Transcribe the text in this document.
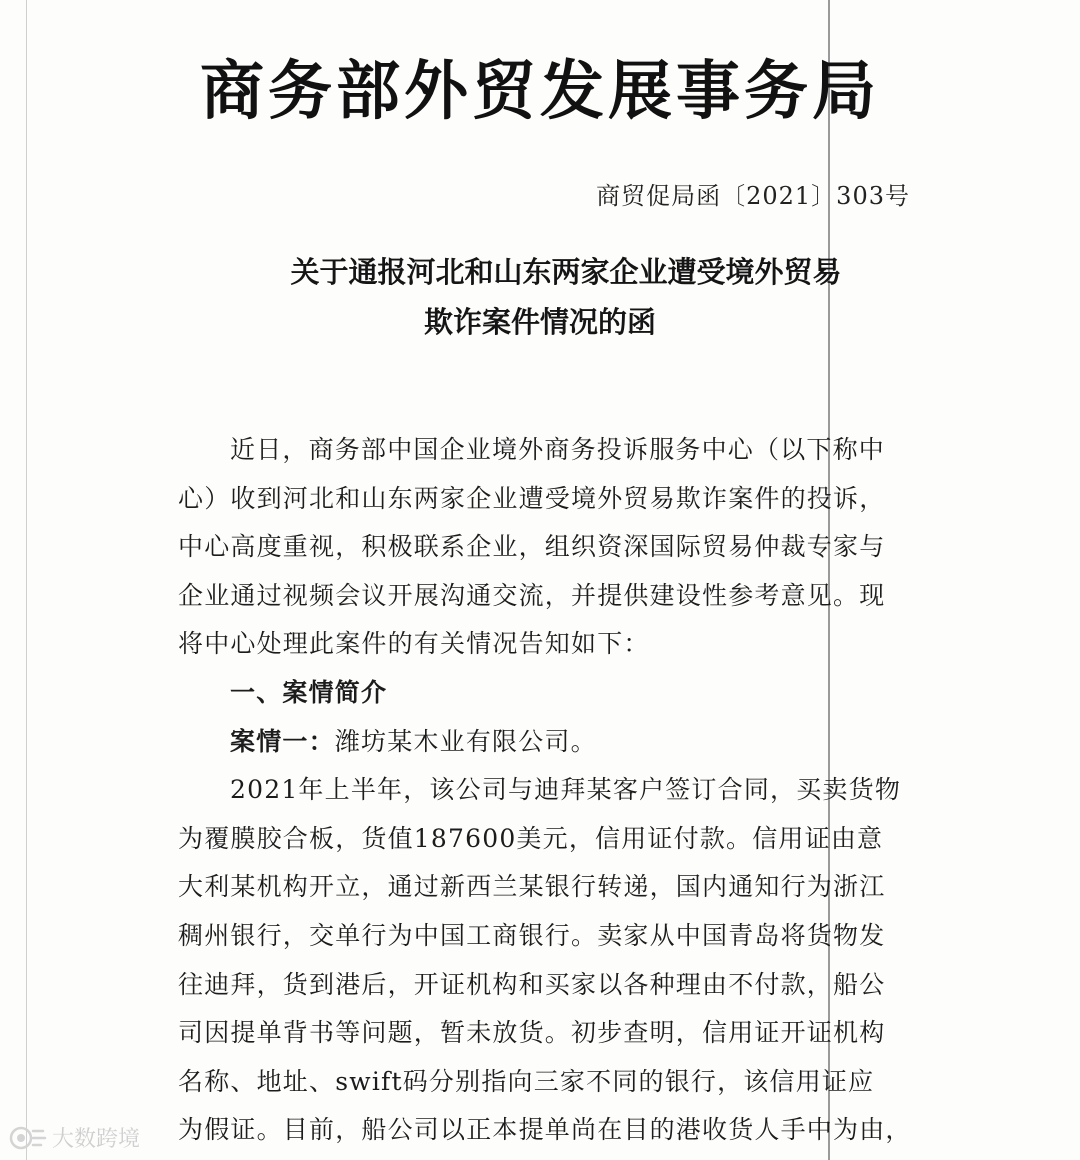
商务部外贸发展事务局
商贸促局函〔2021〕303号
关于通报河北和山东两家企业遭受境外贸易
欺诈案件情况的函
近日，商务部中国企业境外商务投诉服务中心（以下称中
心）收到河北和山东两家企业遭受境外贸易欺诈案件的投诉，
中心高度重视，积极联系企业，组织资深国际贸易仲裁专家与
企业通过视频会议开展沟通交流，并提供建设性参考意见。现
将中心处理此案件的有关情况告知如下：
一、案情简介
案情一：潍坊某木业有限公司。
2021年上半年，该公司与迪拜某客户签订合同，买卖货物
为覆膜胶合板，货值187600美元，信用证付款。信用证由意
大利某机构开立，通过新西兰某银行转递，国内通知行为浙江
稠州银行，交单行为中国工商银行。卖家从中国青岛将货物发
往迪拜，货到港后，开证机构和买家以各种理由不付款，船公
司因提单背书等问题，暂未放货。初步查明，信用证开证机构
名称、地址、swift码分别指向三家不同的银行，该信用证应
为假证。目前，船公司以正本提单尚在目的港收货人手中为由，
大数跨境
